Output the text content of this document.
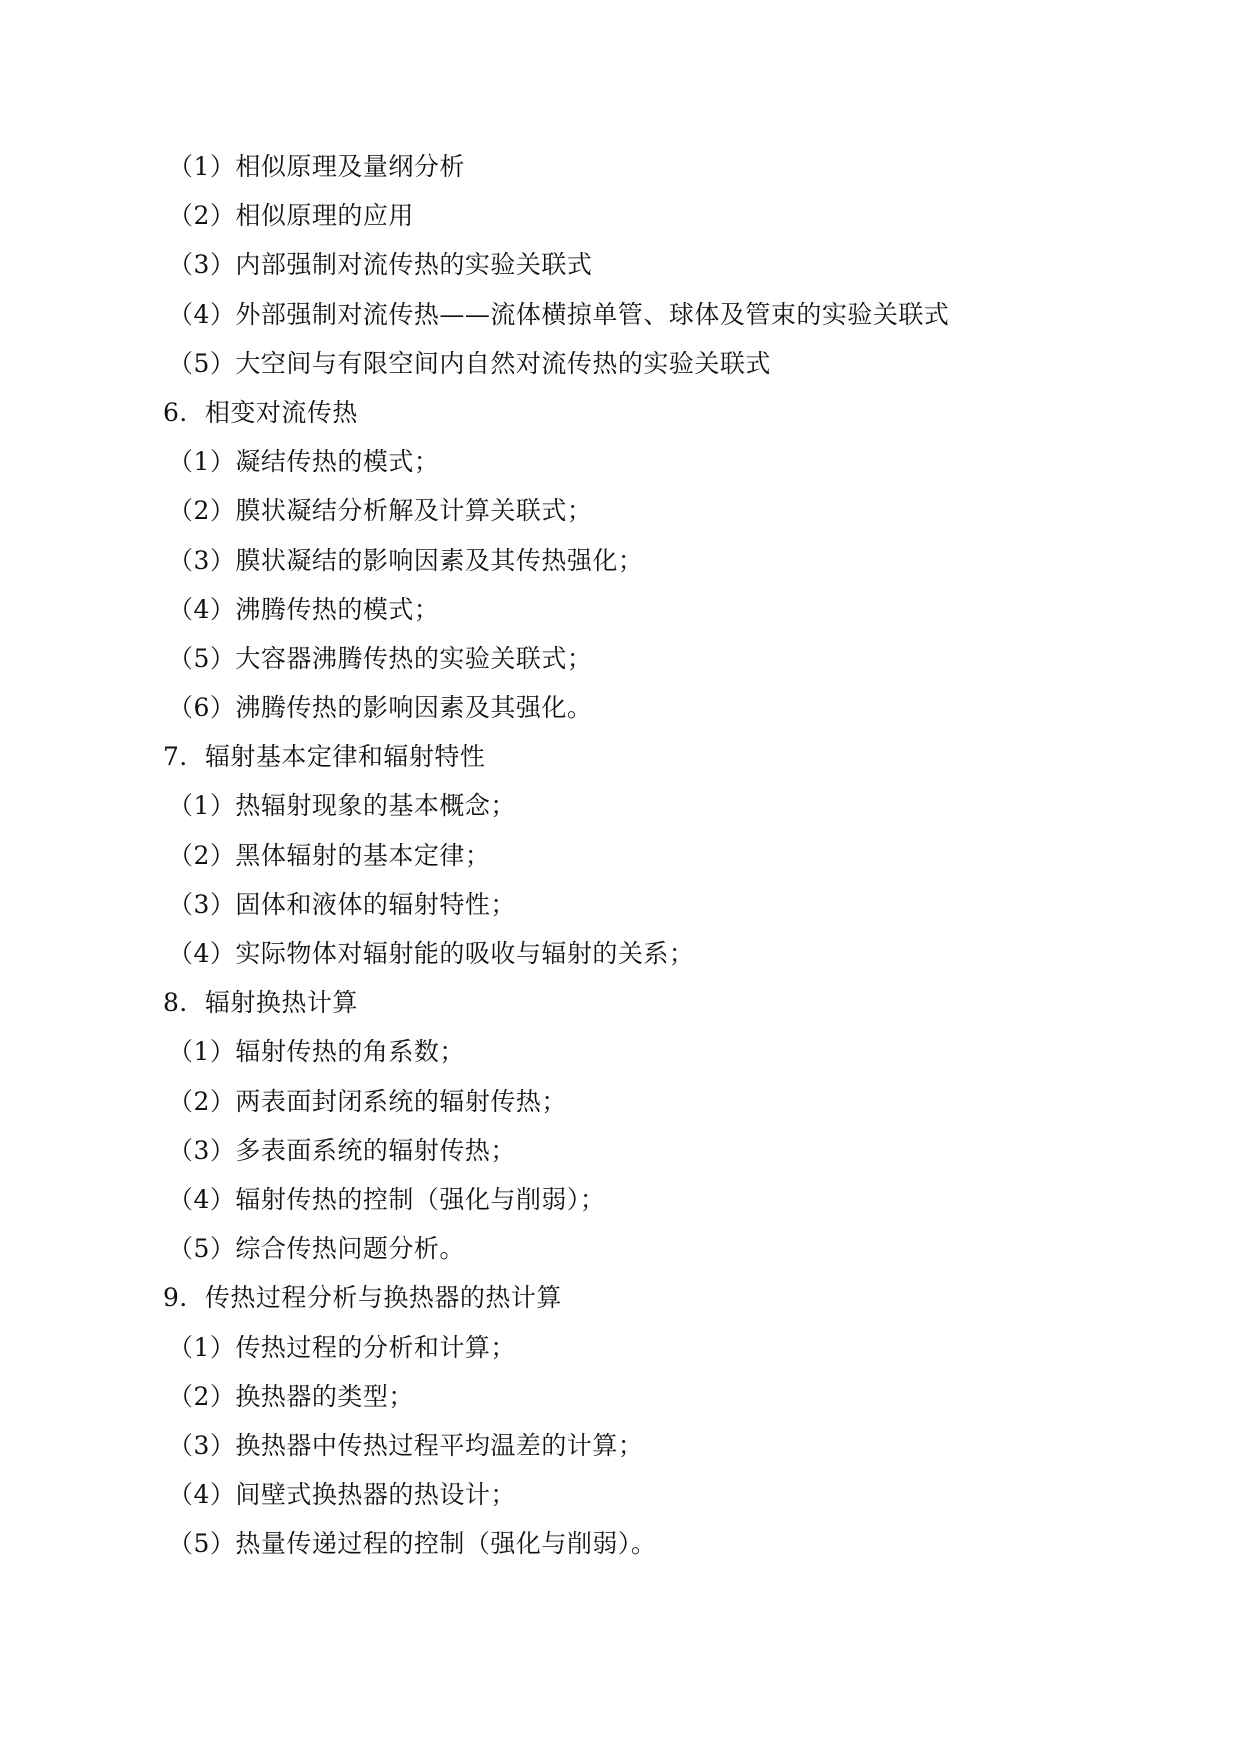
（1）相似原理及量纲分析
（2）相似原理的应用
（3）内部强制对流传热的实验关联式
（4）外部强制对流传热——流体横掠单管、球体及管束的实验关联式
（5）大空间与有限空间内自然对流传热的实验关联式
6．相变对流传热
（1）凝结传热的模式；
（2）膜状凝结分析解及计算关联式；
（3）膜状凝结的影响因素及其传热强化；
（4）沸腾传热的模式；
（5）大容器沸腾传热的实验关联式；
（6）沸腾传热的影响因素及其强化。
7．辐射基本定律和辐射特性
（1）热辐射现象的基本概念；
（2）黑体辐射的基本定律；
（3）固体和液体的辐射特性；
（4）实际物体对辐射能的吸收与辐射的关系；
8．辐射换热计算
（1）辐射传热的角系数；
（2）两表面封闭系统的辐射传热；
（3）多表面系统的辐射传热；
（4）辐射传热的控制（强化与削弱）；
（5）综合传热问题分析。
9．传热过程分析与换热器的热计算
（1）传热过程的分析和计算；
（2）换热器的类型；
（3）换热器中传热过程平均温差的计算；
（4）间壁式换热器的热设计；
（5）热量传递过程的控制（强化与削弱）。
